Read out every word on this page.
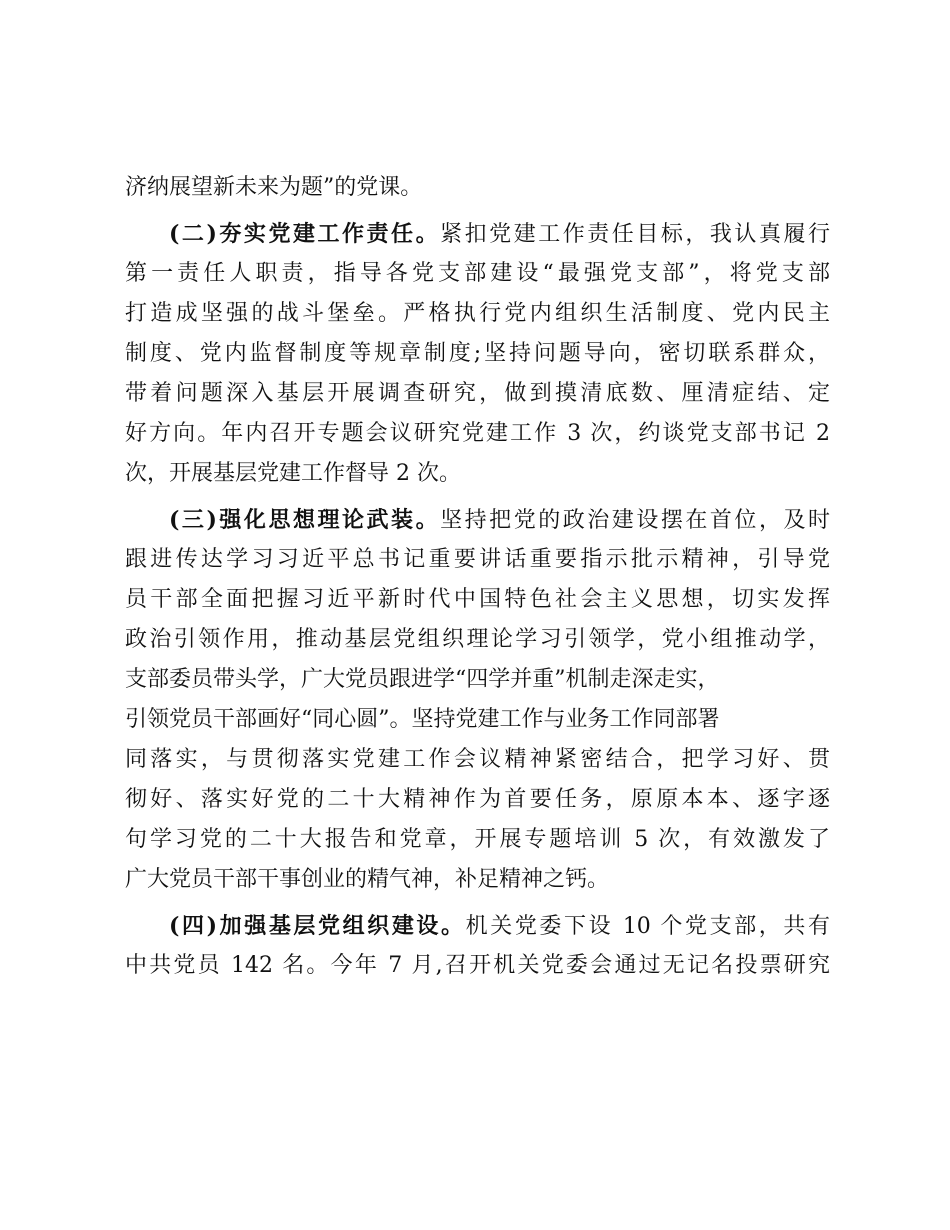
济纳展望新未来为题”的党课。
(二)夯实党建工作责任。紧扣党建工作责任目标，我认真履行
第一责任人职责，指导各党支部建设“最强党支部”，将党支部
打造成坚强的战斗堡垒。严格执行党内组织生活制度、党内民主
制度、党内监督制度等规章制度;坚持问题导向，密切联系群众，
带着问题深入基层开展调查研究，做到摸清底数、厘清症结、定
好方向。年内召开专题会议研究党建工作 3 次，约谈党支部书记 2
次，开展基层党建工作督导 2 次。
(三)强化思想理论武装。坚持把党的政治建设摆在首位，及时
跟进传达学习习近平总书记重要讲话重要指示批示精神，引导党
员干部全面把握习近平新时代中国特色社会主义思想，切实发挥
政治引领作用，推动基层党组织理论学习引领学，党小组推动学，
支部委员带头学，广大党员跟进学“四学并重”机制走深走实，
引领党员干部画好“同心圆”。坚持党建工作与业务工作同部署
同落实，与贯彻落实党建工作会议精神紧密结合，把学习好、贯
彻好、落实好党的二十大精神作为首要任务，原原本本、逐字逐
句学习党的二十大报告和党章，开展专题培训 5 次，有效激发了
广大党员干部干事创业的精气神，补足精神之钙。
(四)加强基层党组织建设。机关党委下设 10 个党支部，共有
中共党员 142 名。今年 7 月,召开机关党委会通过无记名投票研究
